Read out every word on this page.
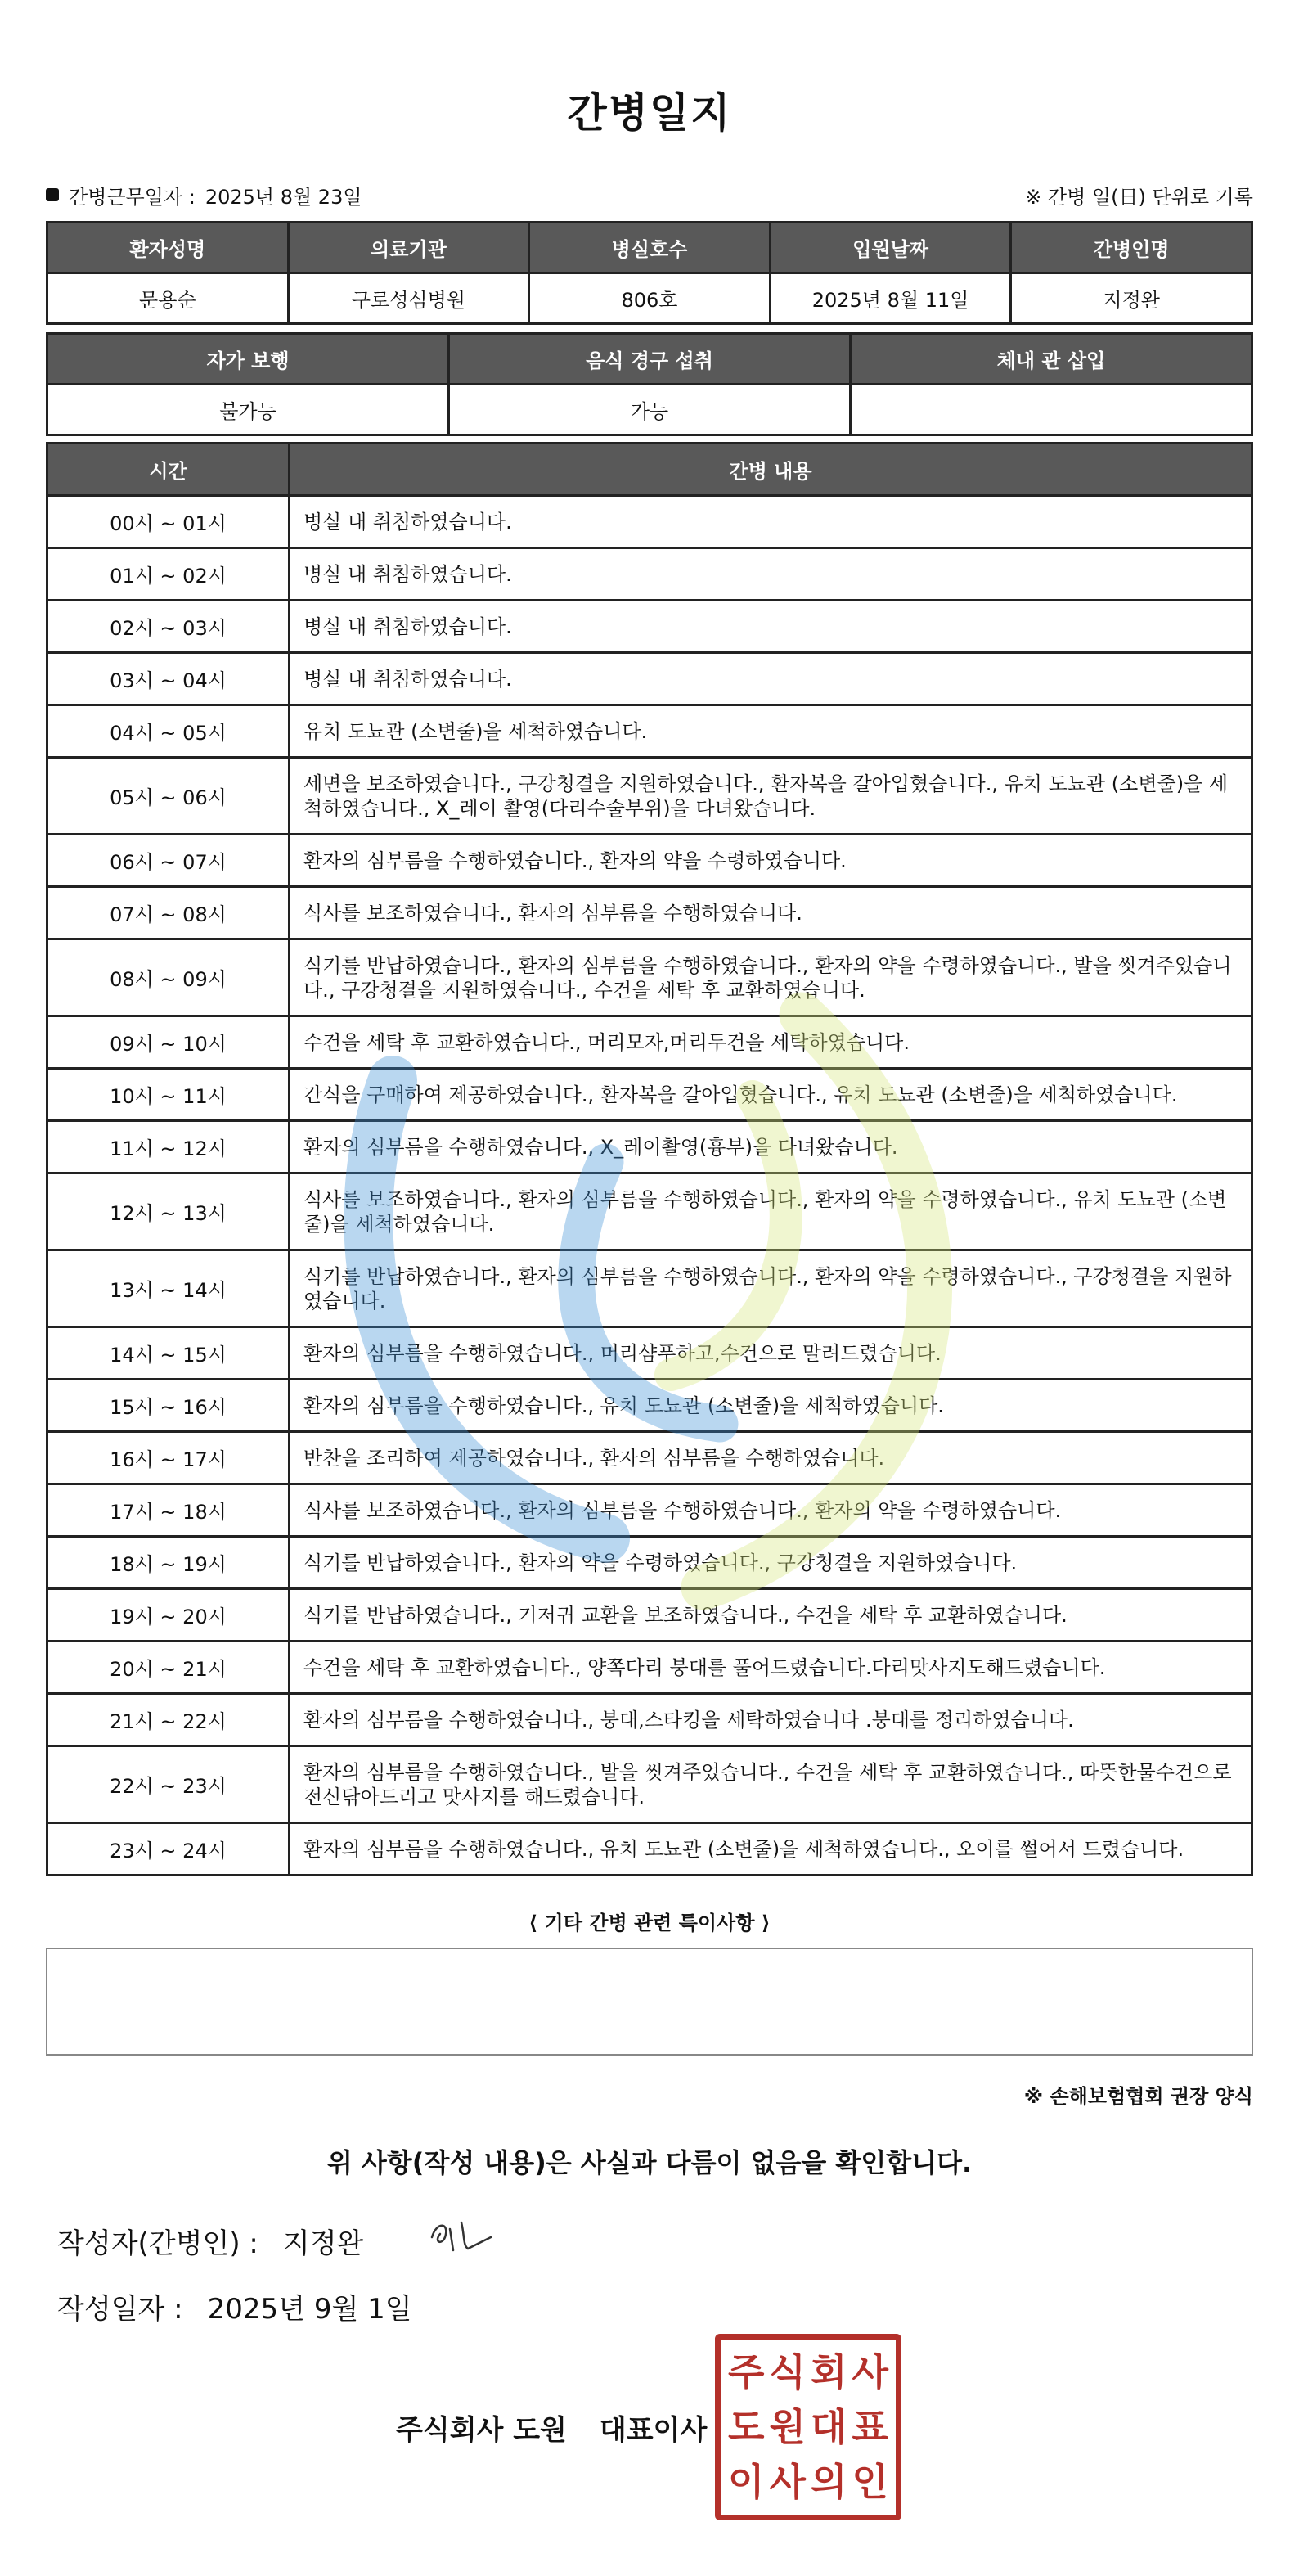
간병일지
간병근무일자 : 2025년 8월 23일	※ 간병 일(日) 단위로 기록
환자성명	의료기관	병실호수	입원날짜	간병인명
문용순	구로성심병원	806호	2025년 8월 11일	지정완
자가 보행	음식 경구 섭취	체내 관 삽입
불가능	가능	
시간	간병 내용
00시 ~ 01시	병실 내 취침하였습니다.
01시 ~ 02시	병실 내 취침하였습니다.
02시 ~ 03시	병실 내 취침하였습니다.
03시 ~ 04시	병실 내 취침하였습니다.
04시 ~ 05시	유치 도뇨관 (소변줄)을 세척하였습니다.
05시 ~ 06시	세면을 보조하였습니다., 구강청결을 지원하였습니다., 환자복을 갈아입혔습니다., 유치 도뇨관 (소변줄)을 세척하였습니다., X_레이 촬영(다리수술부위)을 다녀왔습니다.
06시 ~ 07시	환자의 심부름을 수행하였습니다., 환자의 약을 수령하였습니다.
07시 ~ 08시	식사를 보조하였습니다., 환자의 심부름을 수행하였습니다.
08시 ~ 09시	식기를 반납하였습니다., 환자의 심부름을 수행하였습니다., 환자의 약을 수령하였습니다., 발을 씻겨주었습니다., 구강청결을 지원하였습니다., 수건을 세탁 후 교환하였습니다.
09시 ~ 10시	수건을 세탁 후 교환하였습니다., 머리모자,머리두건을 세탁하였습니다.
10시 ~ 11시	간식을 구매하여 제공하였습니다., 환자복을 갈아입혔습니다., 유치 도뇨관 (소변줄)을 세척하였습니다.
11시 ~ 12시	환자의 심부름을 수행하였습니다., X_레이촬영(흉부)을 다녀왔습니다.
12시 ~ 13시	식사를 보조하였습니다., 환자의 심부름을 수행하였습니다., 환자의 약을 수령하였습니다., 유치 도뇨관 (소변줄)을 세척하였습니다.
13시 ~ 14시	식기를 반납하였습니다., 환자의 심부름을 수행하였습니다., 환자의 약을 수령하였습니다., 구강청결을 지원하였습니다.
14시 ~ 15시	환자의 심부름을 수행하였습니다., 머리샴푸하고,수건으로 말려드렸습니다.
15시 ~ 16시	환자의 심부름을 수행하였습니다., 유치 도뇨관 (소변줄)을 세척하였습니다.
16시 ~ 17시	반찬을 조리하여 제공하였습니다., 환자의 심부름을 수행하였습니다.
17시 ~ 18시	식사를 보조하였습니다., 환자의 심부름을 수행하였습니다., 환자의 약을 수령하였습니다.
18시 ~ 19시	식기를 반납하였습니다., 환자의 약을 수령하였습니다., 구강청결을 지원하였습니다.
19시 ~ 20시	식기를 반납하였습니다., 기저귀 교환을 보조하였습니다., 수건을 세탁 후 교환하였습니다.
20시 ~ 21시	수건을 세탁 후 교환하였습니다., 양쪽다리 붕대를 풀어드렸습니다.다리맛사지도해드렸습니다.
21시 ~ 22시	환자의 심부름을 수행하였습니다., 붕대,스타킹을 세탁하였습니다 .붕대를 정리하였습니다.
22시 ~ 23시	환자의 심부름을 수행하였습니다., 발을 씻겨주었습니다., 수건을 세탁 후 교환하였습니다., 따뜻한물수건으로 전신닦아드리고 맛사지를 해드렸습니다.
23시 ~ 24시	환자의 심부름을 수행하였습니다., 유치 도뇨관 (소변줄)을 세척하였습니다., 오이를 썰어서 드렸습니다.
⟨ 기타 간병 관련 특이사항 ⟩
※ 손해보험협회 권장 양식
위 사항(작성 내용)은 사실과 다름이 없음을 확인합니다.
작성자(간병인) : 지정완
작성일자 : 2025년 9월 1일
주식회사 도원 대표이사
주 식 회 사
도 원 대 표
이 사 의 인
